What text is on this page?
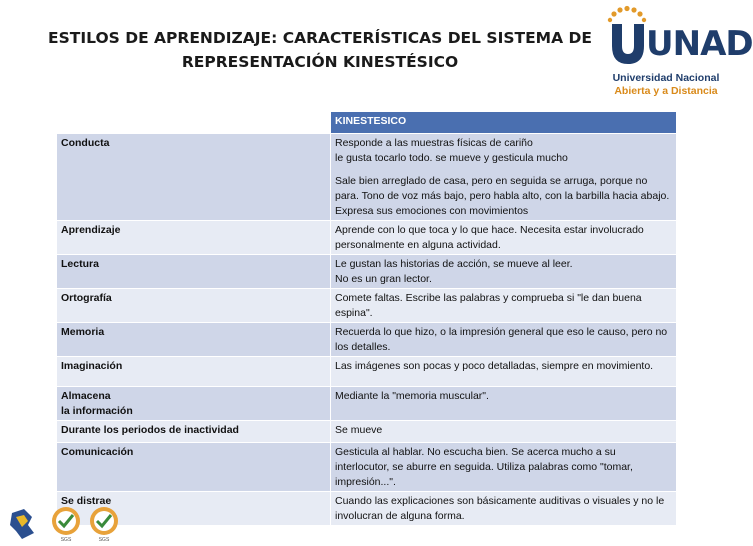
ESTILOS DE APRENDIZAJE: CARACTERÍSTICAS DEL SISTEMA DE
REPRESENTACIÓN KINESTÉSICO	UNAD
Universidad Nacional
Abierta y a Distancia
	KINESTESICO
Conducta	Responde a las muestras físicas de cariño
le gusta tocarlo todo. se mueve y gesticula mucho
Sale bien arreglado de casa, pero en seguida se arruga, porque no para. Tono de voz más bajo, pero habla alto, con la barbilla hacia abajo. Expresa sus emociones con movimientos

Aprendizaje	Aprende con lo que toca y lo que hace. Necesita estar involucrado personalmente en alguna actividad.
Lectura	Le gustan las historias de acción, se mueve al leer.
No es un gran lector.
Ortografía	Comete faltas. Escribe las palabras y comprueba si "le dan buena espina".
Memoria	Recuerda lo que hizo, o la impresión general que eso le causo, pero no los detalles.
Imaginación	Las imágenes son pocas y poco detalladas, siempre en movimiento.
Almacena
la información	Mediante la "memoria muscular".
Durante los periodos de inactividad	Se mueve
Comunicación	Gesticula al hablar. No escucha bien. Se acerca mucho a su interlocutor, se aburre en seguida. Utiliza palabras como "tomar, impresión...".
Se distrae	Cuando las explicaciones son básicamente auditivas o visuales y no le involucran de alguna forma.
SGS	SGS
